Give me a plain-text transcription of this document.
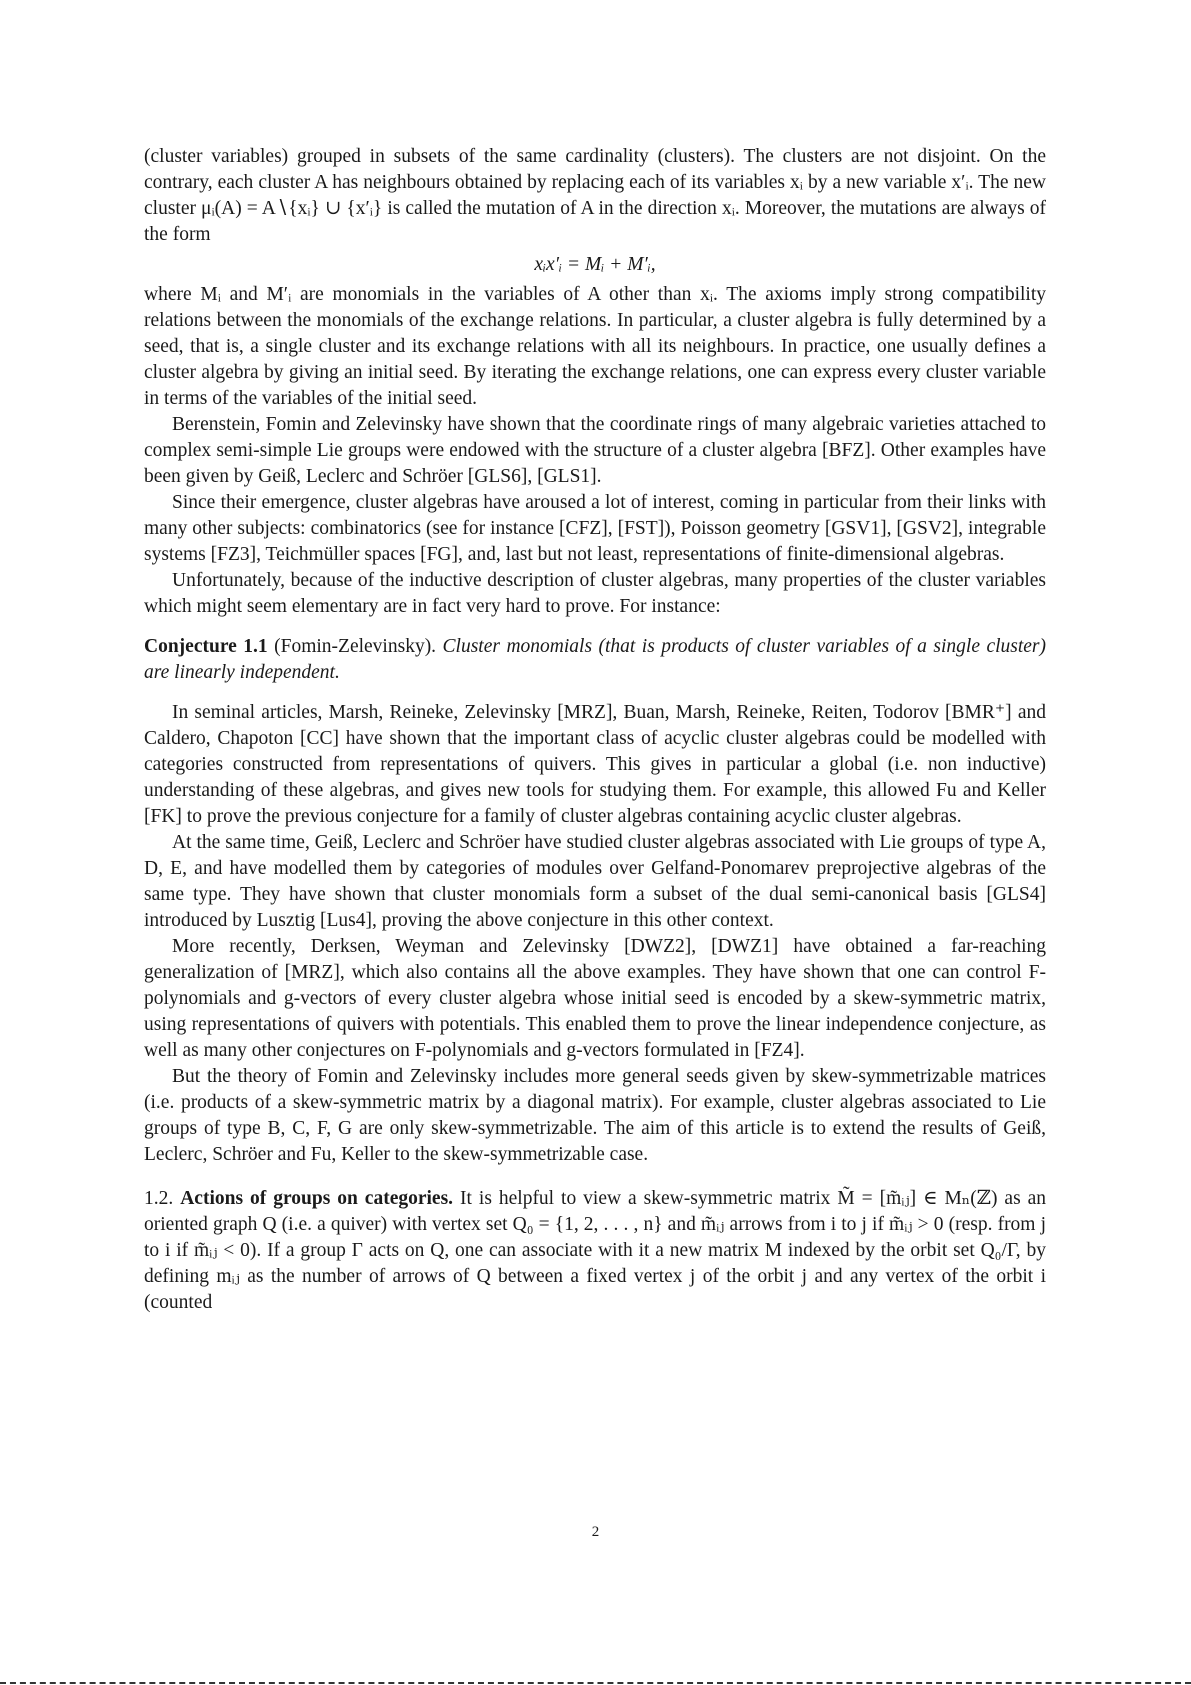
(cluster variables) grouped in subsets of the same cardinality (clusters). The clusters are not disjoint. On the contrary, each cluster A has neighbours obtained by replacing each of its variables xᵢ by a new variable x′ᵢ. The new cluster μᵢ(A) = A∖{xᵢ} ∪ {x′ᵢ} is called the mutation of A in the direction xᵢ. Moreover, the mutations are always of the form

xᵢx′ᵢ = Mᵢ + M′ᵢ,

where Mᵢ and M′ᵢ are monomials in the variables of A other than xᵢ. The axioms imply strong compatibility relations between the monomials of the exchange relations. In particular, a cluster algebra is fully determined by a seed, that is, a single cluster and its exchange relations with all its neighbours. In practice, one usually defines a cluster algebra by giving an initial seed. By iterating the exchange relations, one can express every cluster variable in terms of the variables of the initial seed.

Berenstein, Fomin and Zelevinsky have shown that the coordinate rings of many algebraic varieties attached to complex semi-simple Lie groups were endowed with the structure of a cluster algebra [BFZ]. Other examples have been given by Geiß, Leclerc and Schröer [GLS6], [GLS1].

Since their emergence, cluster algebras have aroused a lot of interest, coming in particular from their links with many other subjects: combinatorics (see for instance [CFZ], [FST]), Poisson geometry [GSV1], [GSV2], integrable systems [FZ3], Teichmüller spaces [FG], and, last but not least, representations of finite-dimensional algebras.

Unfortunately, because of the inductive description of cluster algebras, many properties of the cluster variables which might seem elementary are in fact very hard to prove. For instance:

Conjecture 1.1 (Fomin-Zelevinsky). Cluster monomials (that is products of cluster variables of a single cluster) are linearly independent.

In seminal articles, Marsh, Reineke, Zelevinsky [MRZ], Buan, Marsh, Reineke, Reiten, Todorov [BMR⁺] and Caldero, Chapoton [CC] have shown that the important class of acyclic cluster algebras could be modelled with categories constructed from representations of quivers. This gives in particular a global (i.e. non inductive) understanding of these algebras, and gives new tools for studying them. For example, this allowed Fu and Keller [FK] to prove the previous conjecture for a family of cluster algebras containing acyclic cluster algebras.

At the same time, Geiß, Leclerc and Schröer have studied cluster algebras associated with Lie groups of type A, D, E, and have modelled them by categories of modules over Gelfand-Ponomarev preprojective algebras of the same type. They have shown that cluster monomials form a subset of the dual semi-canonical basis [GLS4] introduced by Lusztig [Lus4], proving the above conjecture in this other context.

More recently, Derksen, Weyman and Zelevinsky [DWZ2], [DWZ1] have obtained a far-reaching generalization of [MRZ], which also contains all the above examples. They have shown that one can control F-polynomials and g-vectors of every cluster algebra whose initial seed is encoded by a skew-symmetric matrix, using representations of quivers with potentials. This enabled them to prove the linear independence conjecture, as well as many other conjectures on F-polynomials and g-vectors formulated in [FZ4].

But the theory of Fomin and Zelevinsky includes more general seeds given by skew-symmetrizable matrices (i.e. products of a skew-symmetric matrix by a diagonal matrix). For example, cluster algebras associated to Lie groups of type B, C, F, G are only skew-symmetrizable. The aim of this article is to extend the results of Geiß, Leclerc, Schröer and Fu, Keller to the skew-symmetrizable case.

1.2. Actions of groups on categories. It is helpful to view a skew-symmetric matrix M̃ = [m̃ᵢⱼ] ∈ Mₙ(ℤ) as an oriented graph Q (i.e. a quiver) with vertex set Q₀ = {1, 2, . . . , n} and m̃ᵢⱼ arrows from i to j if m̃ᵢⱼ > 0 (resp. from j to i if m̃ᵢⱼ < 0). If a group Γ acts on Q, one can associate with it a new matrix M indexed by the orbit set Q₀/Γ, by defining mᵢⱼ as the number of arrows of Q between a fixed vertex j of the orbit j and any vertex of the orbit i (counted

2
